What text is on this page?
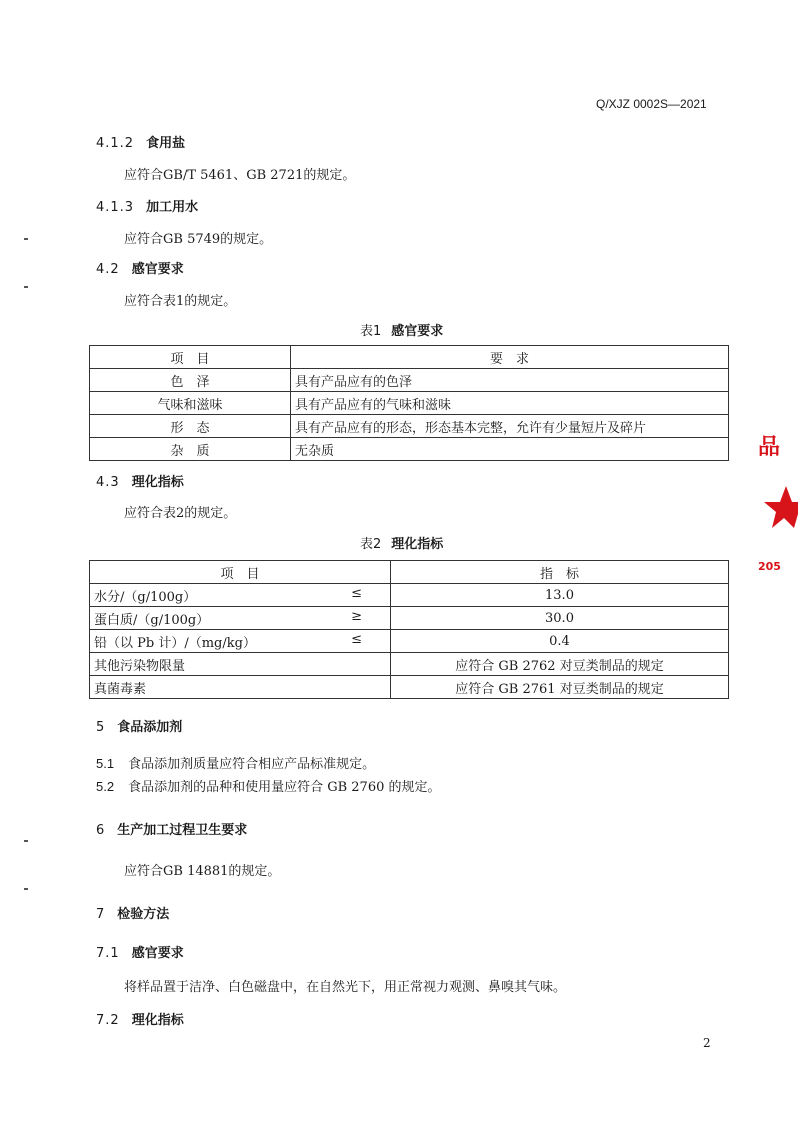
Q/XJZ 0002S—2021
4.1.2 食用盐
应符合GB/T 5461、GB 2721的规定。
4.1.3 加工用水
应符合GB 5749的规定。
4.2 感官要求
应符合表1的规定。
表1 感官要求
项　目	要　求
色　泽	具有产品应有的色泽
气味和滋味	具有产品应有的气味和滋味
形　态	具有产品应有的形态，形态基本完整，允许有少量短片及碎片
杂　质	无杂质
4.3 理化指标
应符合表2的规定。
表2 理化指标
项　目	指　标
水分/（g/100g） ≤	13.0
蛋白质/（g/100g） ≥	30.0
铅（以 Pb 计）/（mg/kg） ≤	0.4
其他污染物限量	应符合 GB 2762 对豆类制品的规定
真菌毒素	应符合 GB 2761 对豆类制品的规定
5 食品添加剂
5.1 食品添加剂质量应符合相应产品标准规定。
5.2 食品添加剂的品种和使用量应符合 GB 2760 的规定。
6 生产加工过程卫生要求
应符合GB 14881的规定。
7 检验方法
7.1 感官要求
将样品置于洁净、白色磁盘中，在自然光下，用正常视力观测、鼻嗅其气味。
7.2 理化指标
2
品
205
